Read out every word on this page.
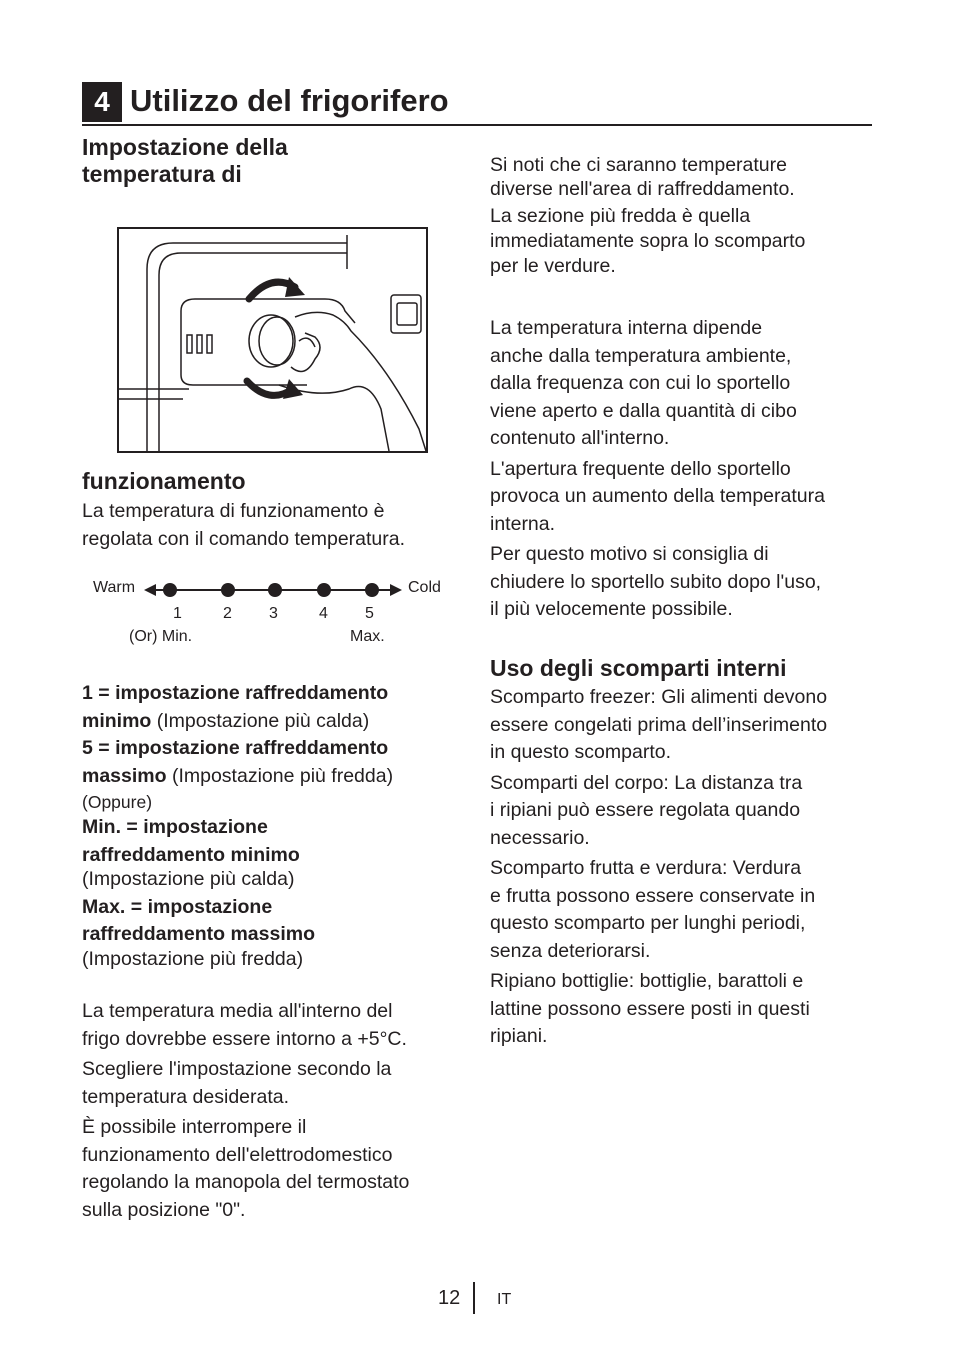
4 Utilizzo del frigorifero
Impostazione della
temperatura di
funzionamento
La temperatura di funzionamento è
regolata con il comando temperatura.
Warm	Cold
1	2 3	4 5
(Or) Min.	Max.
1 = impostazione raffreddamento
minimo (Impostazione più calda)
5 = impostazione raffreddamento
massimo (Impostazione più fredda)
(Oppure)
Min. = impostazione
raffreddamento minimo
(Impostazione più calda)
Max. = impostazione
raffreddamento massimo
(Impostazione più fredda)
La temperatura media all'interno del
frigo dovrebbe essere intorno a +5°C.
Scegliere l'impostazione secondo la
temperatura desiderata.
È possibile interrompere il
funzionamento dell'elettrodomestico
regolando la manopola del termostato
sulla posizione "0".
Si noti che ci saranno temperature
diverse nell'area di raffreddamento.
La sezione più fredda è quella
immediatamente sopra lo scomparto
per le verdure.
La temperatura interna dipende
anche dalla temperatura ambiente,
dalla frequenza con cui lo sportello
viene aperto e dalla quantità di cibo
contenuto all'interno.
L'apertura frequente dello sportello
provoca un aumento della temperatura
interna.
Per questo motivo si consiglia di
chiudere lo sportello subito dopo l'uso,
il più velocemente possibile.
Uso degli scomparti interni
Scomparto freezer: Gli alimenti devono
essere congelati prima dell’inserimento
in questo scomparto.
Scomparti del corpo: La distanza tra
i ripiani può essere regolata quando
necessario.
Scomparto frutta e verdura: Verdura
e frutta possono essere conservate in
questo scomparto per lunghi periodi,
senza deteriorarsi.
Ripiano bottiglie: bottiglie, barattoli e
lattine possono essere posti in questi
ripiani.
12 IT
